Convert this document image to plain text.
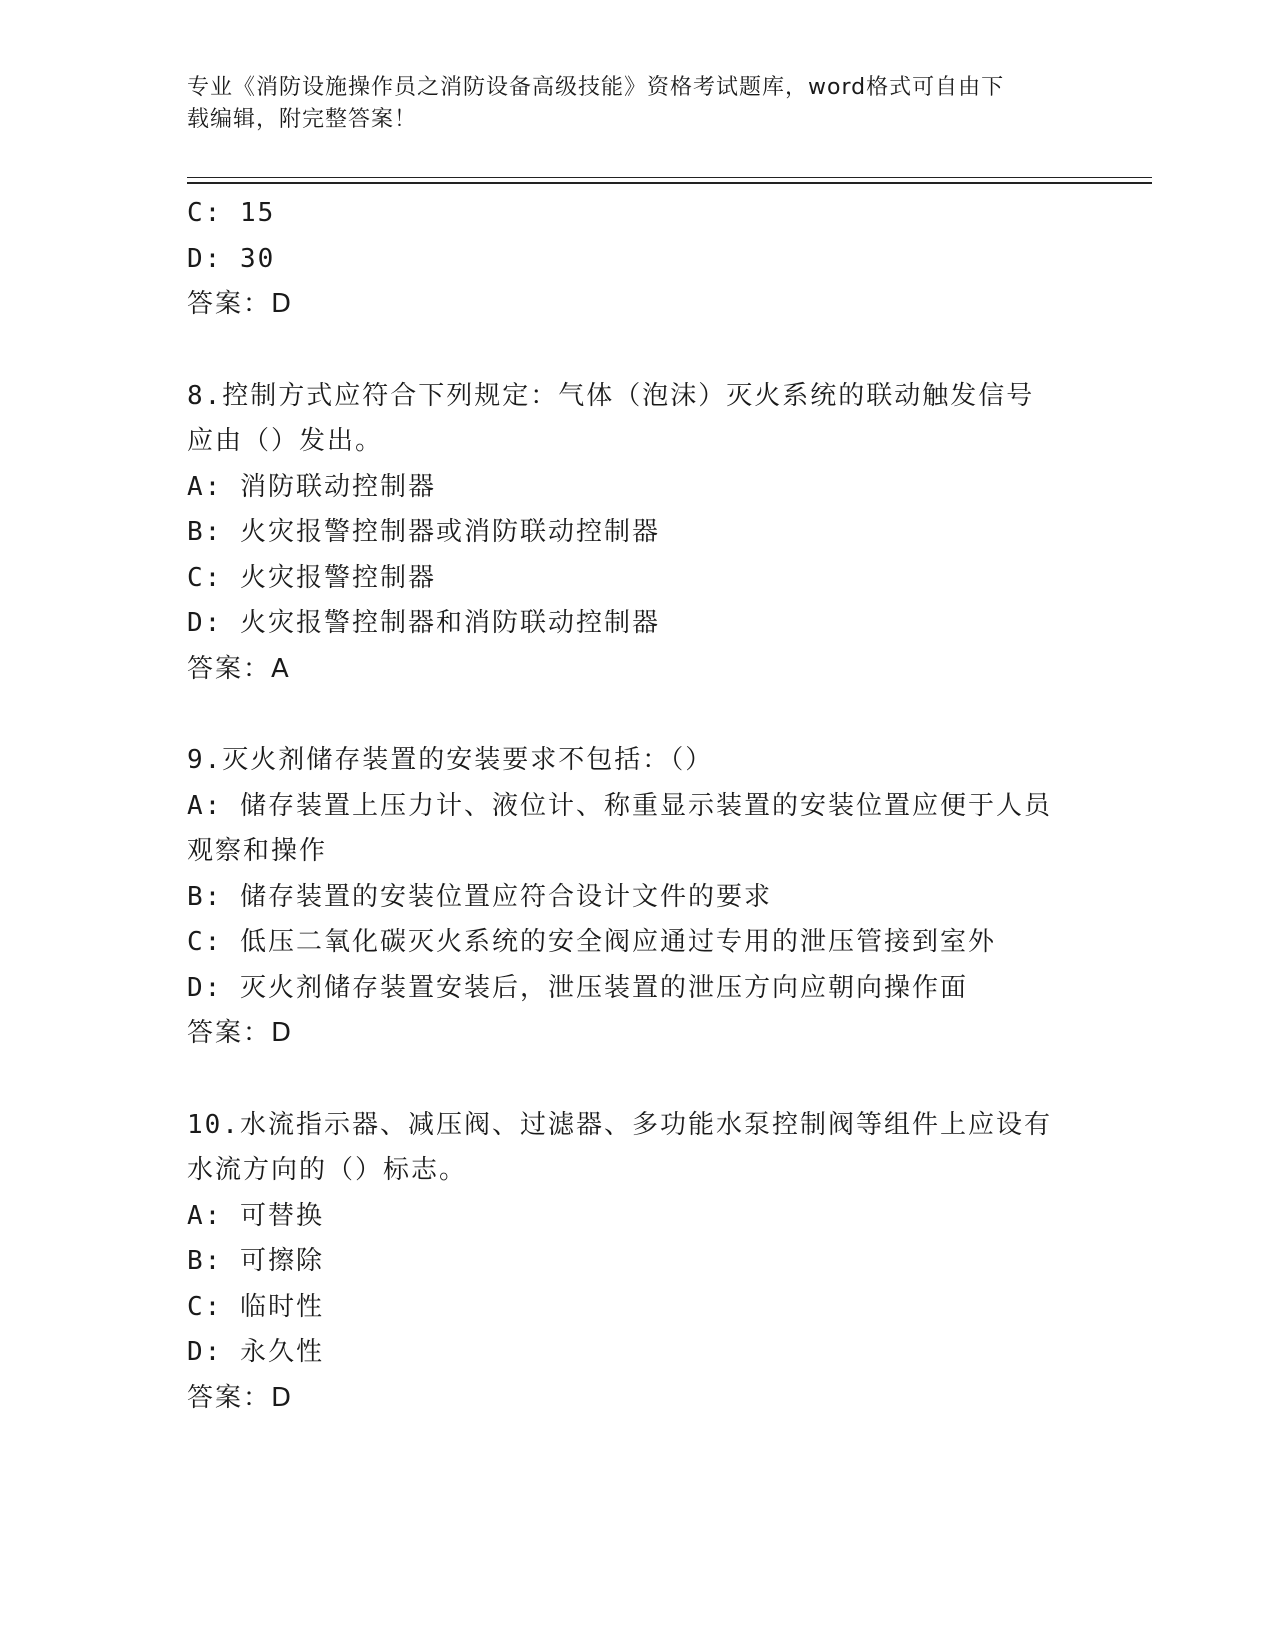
专业《消防设施操作员之消防设备高级技能》资格考试题库，word格式可自由下
载编辑，附完整答案！
C: 15
D: 30
答案：D
8.控制方式应符合下列规定：气体（泡沫）灭火系统的联动触发信号
应由（）发出。
A: 消防联动控制器
B: 火灾报警控制器或消防联动控制器
C: 火灾报警控制器
D: 火灾报警控制器和消防联动控制器
答案：A
9.灭火剂储存装置的安装要求不包括：（）
A: 储存装置上压力计、液位计、称重显示装置的安装位置应便于人员
观察和操作
B: 储存装置的安装位置应符合设计文件的要求
C: 低压二氧化碳灭火系统的安全阀应通过专用的泄压管接到室外
D: 灭火剂储存装置安装后，泄压装置的泄压方向应朝向操作面
答案：D
10.水流指示器、减压阀、过滤器、多功能水泵控制阀等组件上应设有
水流方向的（）标志。
A: 可替换
B: 可擦除
C: 临时性
D: 永久性
答案：D
